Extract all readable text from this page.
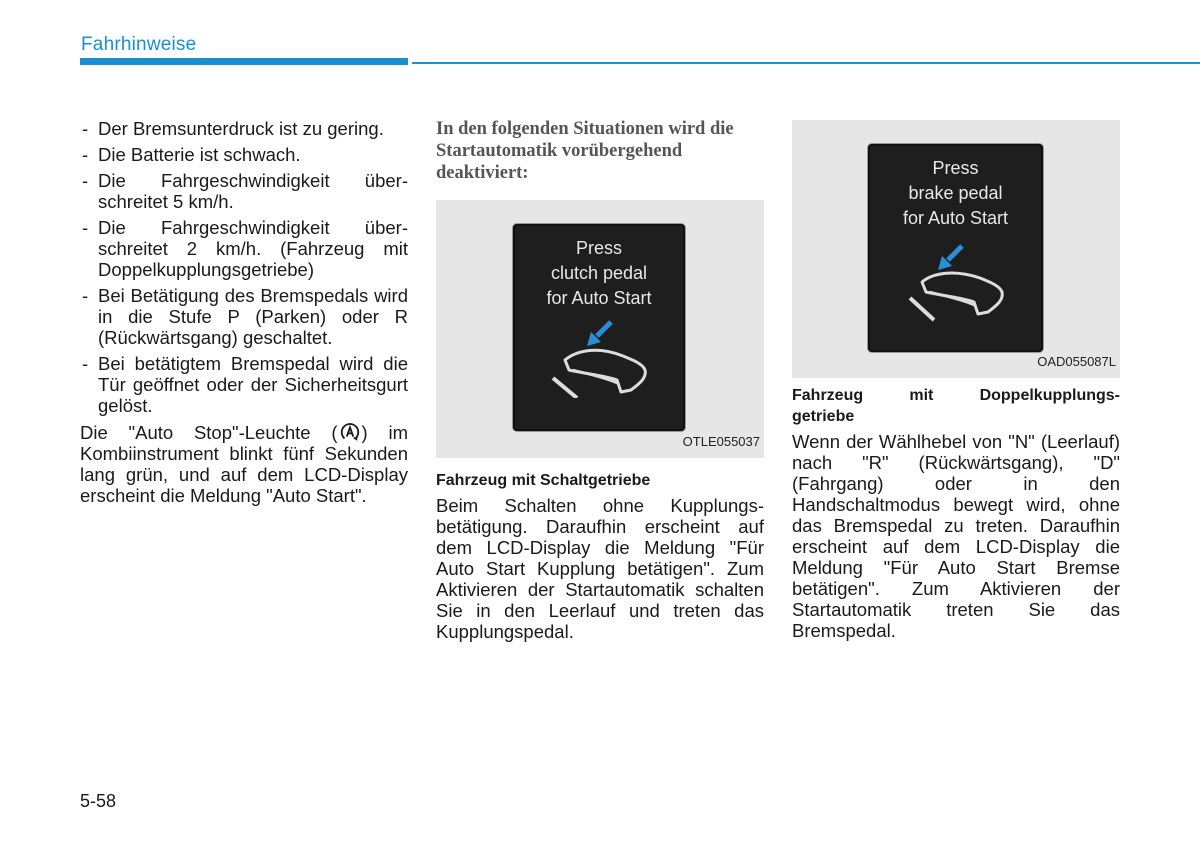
Fahrhinweise
- Der Bremsunterdruck ist zu gering.
- Die Batterie ist schwach.
- Die Fahrgeschwindigkeit überschreitet 5 km/h.
- Die Fahrgeschwindigkeit überschreitet 2 km/h. (Fahrzeug mit Doppelkupplungsgetriebe)
- Bei Betätigung des Bremspedals wird in die Stufe P (Parken) oder R (Rückwärtsgang) geschaltet.
- Bei betätigtem Bremspedal wird die Tür geöffnet oder der Sicherheitsgurt gelöst.

Die "Auto Stop"-Leuchte ( ) im Kombiinstrument blinkt fünf Sekunden lang grün, und auf dem LCD-Display erscheint die Meldung "Auto Start".

In den folgenden Situationen wird die Startautomatik vorübergehend deaktiviert:

Press
clutch pedal
for Auto Start
OTLE055037

Fahrzeug mit Schaltgetriebe

Beim Schalten ohne Kupplungsbetätigung. Daraufhin erscheint auf dem LCD-Display die Meldung "Für Auto Start Kupplung betätigen". Zum Aktivieren der Startautomatik schalten Sie in den Leerlauf und treten das Kupplungspedal.

Press
brake pedal
for Auto Start
OAD055087L

Fahrzeug mit Doppelkupplungs-

getriebe

Wenn der Wählhebel von "N" (Leerlauf) nach "R" (Rückwärtsgang), "D" (Fahrgang) oder in den Handschaltmodus bewegt wird, ohne das Bremspedal zu treten. Daraufhin erscheint auf dem LCD-Display die Meldung "Für Auto Start Bremse betätigen". Zum Aktivieren der Startautomatik treten Sie das Bremspedal.

5-58
